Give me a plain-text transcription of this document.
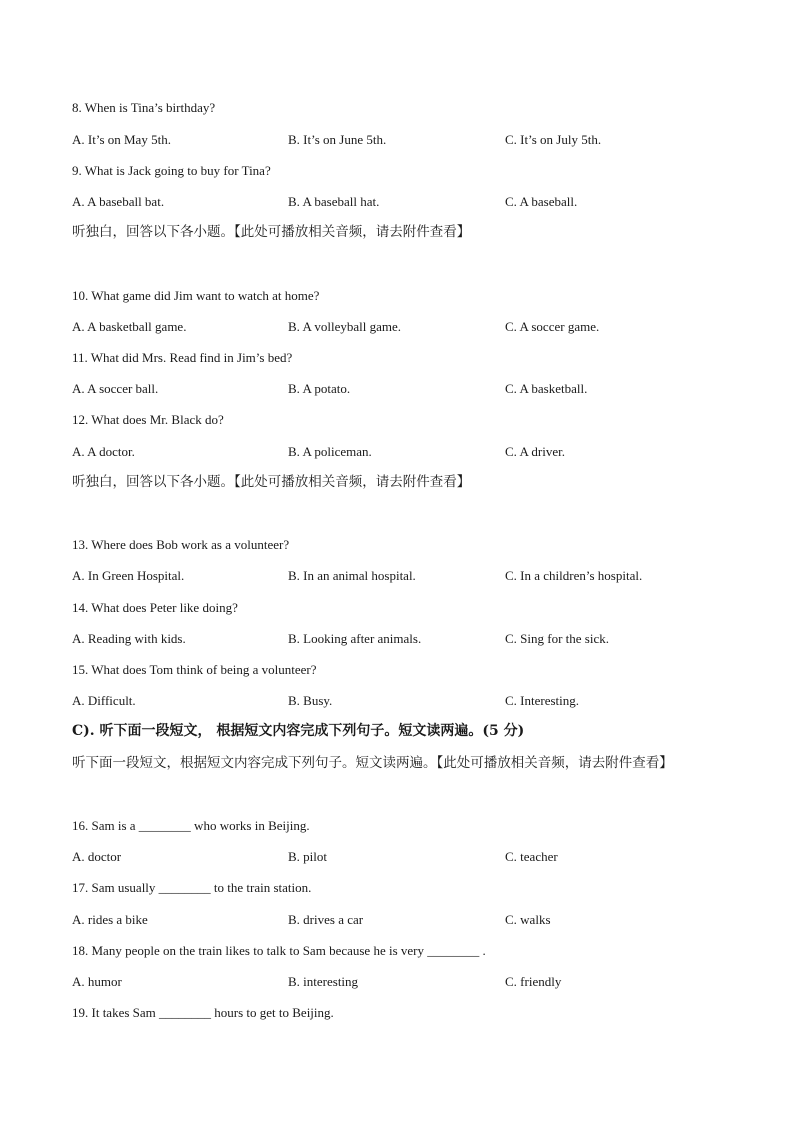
8. When is Tina’s birthday?
A. It’s on May 5th.	B. It’s on June 5th.	C. It’s on July 5th.
9. What is Jack going to buy for Tina?
A. A baseball bat.	B. A baseball hat.	C. A baseball.
听独白，回答以下各小题。【此处可播放相关音频，请去附件查看】
10. What game did Jim want to watch at home?
A. A basketball game.	B. A volleyball game.	C. A soccer game.
11. What did Mrs. Read find in Jim’s bed?
A. A soccer ball.	B. A potato.	C. A basketball.
12. What does Mr. Black do?
A. A doctor.	B. A policeman.	C. A driver.
听独白，回答以下各小题。【此处可播放相关音频，请去附件查看】
13. Where does Bob work as a volunteer?
A. In Green Hospital.	B. In an animal hospital.	C. In a children’s hospital.
14. What does Peter like doing?
A. Reading with kids.	B. Looking after animals.	C. Sing for the sick.
15. What does Tom think of being a volunteer?
A. Difficult.	B. Busy.	C. Interesting.
C). 听下面一段短文， 根据短文内容完成下列句子。短文读两遍。(5 分)
听下面一段短文，根据短文内容完成下列句子。短文读两遍。【此处可播放相关音频，请去附件查看】
16. Sam is a ________ who works in Beijing.
A. doctor	B. pilot	C. teacher
17. Sam usually ________ to the train station.
A. rides a bike	B. drives a car	C. walks
18. Many people on the train likes to talk to Sam because he is very ________ .
A. humor	B. interesting	C. friendly
19. It takes Sam ________ hours to get to Beijing.
